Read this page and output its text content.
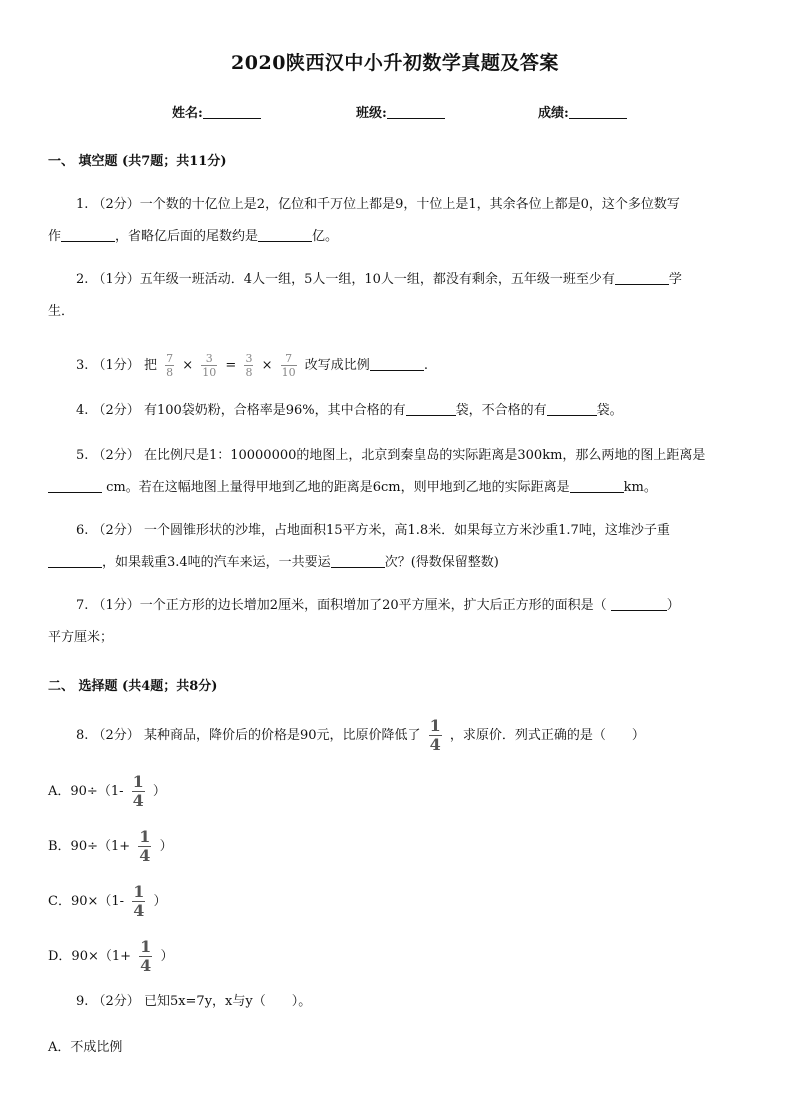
2020陕西汉中小升初数学真题及答案
姓名:	班级:	成绩:
一、 填空题 (共7题；共11分)
1. （2分）一个数的十亿位上是2，亿位和千万位上都是9，十位上是1，其余各位上都是0，这个多位数写
作	，省略亿后面的尾数约是	亿。
2. （1分）五年级一班活动．4人一组，5人一组，10人一组，都没有剩余，五年级一班至少有	学
生．
3. （1分） 把 $\frac{7}{8} \times \frac{3}{10} = \frac{3}{8} \times \frac{7}{10}$ 改写成比例	.
4. （2分） 有100袋奶粉，合格率是96%，其中合格的有	袋，不合格的有	袋。
5. （2分） 在比例尺是1：10000000的地图上，北京到秦皇岛的实际距离是300km，那么两地的图上距离是
cm。若在这幅地图上量得甲地到乙地的距离是6cm，则甲地到乙地的实际距离是	km。
6. （2分） 一个圆锥形状的沙堆，占地面积15平方米，高1.8米．如果每立方米沙重1.7吨，这堆沙子重
，如果载重3.4吨的汽车来运，一共要运	次？(得数保留整数)
7. （1分）一个正方形的边长增加2厘米，面积增加了20平方厘米，扩大后正方形的面积是（	）
平方厘米；
二、 选择题 (共4题；共8分)
8. （2分） 某种商品，降价后的价格是90元，比原价降低了 $\frac{1}{4}$ ，求原价．列式正确的是（　　）
A．$90\div(1- \frac{1}{4}$ ）
B．$90\div(1+ \frac{1}{4}$ ）
C．$90\times(1- \frac{1}{4}$ ）
D．$90\times(1+ \frac{1}{4}$ ）
9. （2分） 已知5x=7y，x与y（　　）。
A．不成比例
